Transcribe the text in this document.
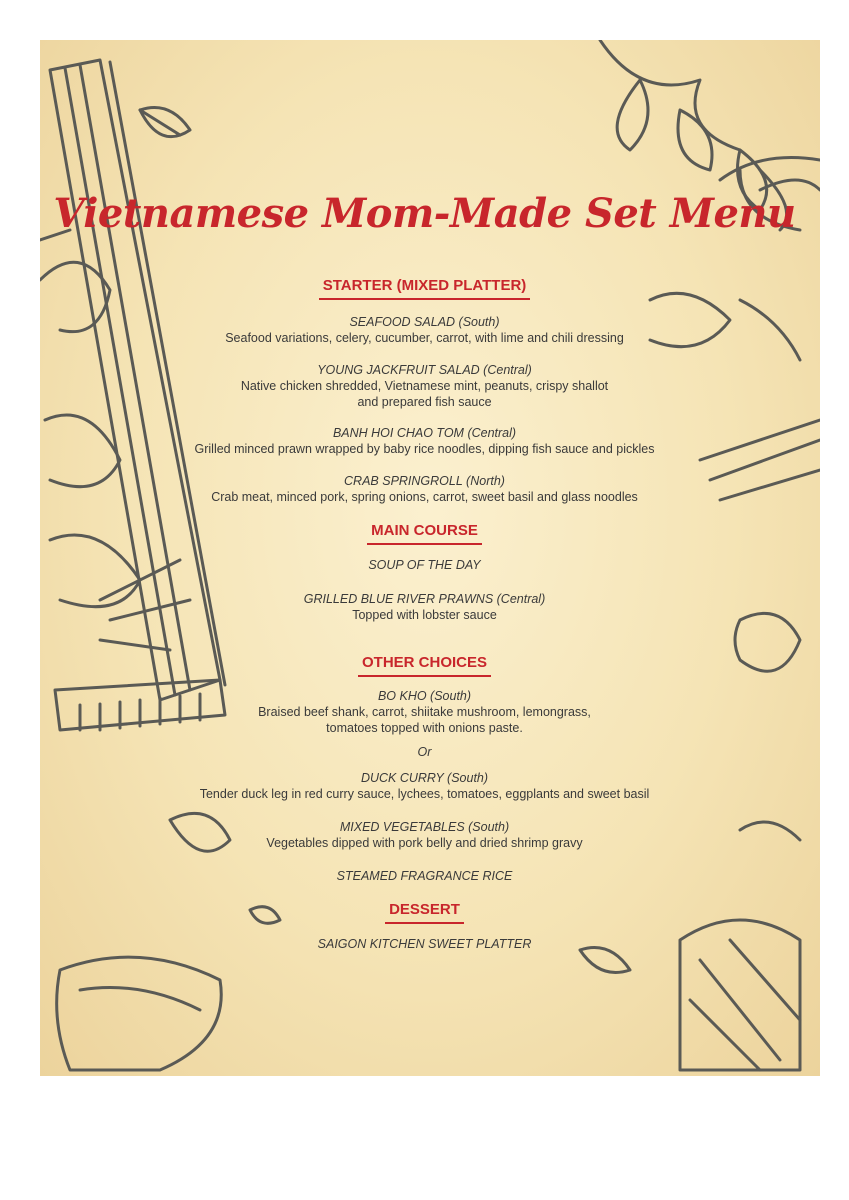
Vietnamese Mom-Made Set Menu
STARTER (MIXED PLATTER)
SEAFOOD SALAD (South)
Seafood variations, celery, cucumber, carrot, with lime and chili dressing
YOUNG JACKFRUIT SALAD (Central)
Native chicken shredded, Vietnamese mint, peanuts, crispy shallot
and prepared fish sauce
BANH HOI CHAO TOM (Central)
Grilled minced prawn wrapped by baby rice noodles, dipping fish sauce and pickles
CRAB SPRINGROLL (North)
Crab meat, minced pork, spring onions, carrot, sweet basil and glass noodles
MAIN COURSE
SOUP OF THE DAY
GRILLED BLUE RIVER PRAWNS (Central)
Topped with lobster sauce
OTHER CHOICES
BO KHO (South)
Braised beef shank, carrot, shiitake mushroom, lemongrass,
tomatoes topped with onions paste.
Or
DUCK CURRY (South)
Tender duck leg in red curry sauce, lychees, tomatoes, eggplants and sweet basil
MIXED VEGETABLES (South)
Vegetables dipped with pork belly and dried shrimp gravy
STEAMED FRAGRANCE RICE
DESSERT
SAIGON KITCHEN SWEET PLATTER
